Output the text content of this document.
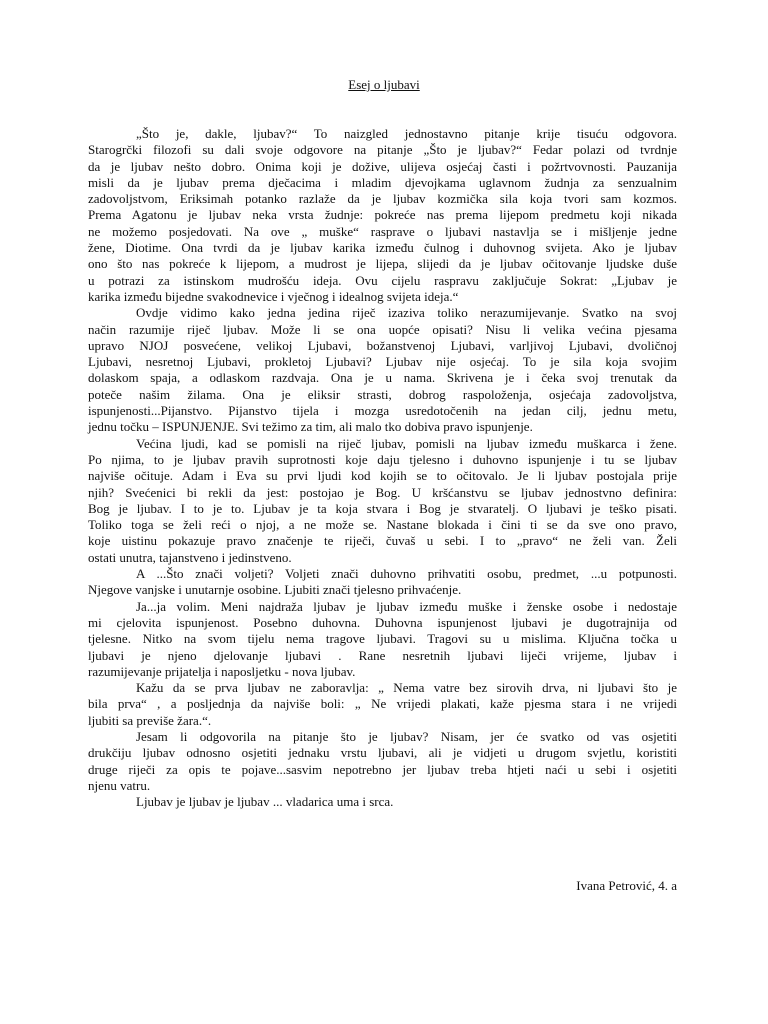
Esej o ljubavi
„Što je, dakle, ljubav?“ To naizgled jednostavno pitanje krije tisuću odgovora.
Starogrčki filozofi su dali svoje odgovore na pitanje „Što je ljubav?“ Fedar polazi od tvrdnje
da je ljubav nešto dobro. Onima koji je dožive, ulijeva osjećaj časti i požrtvovnosti. Pauzanija
misli da je ljubav prema dječacima i mladim djevojkama uglavnom žudnja za senzualnim
zadovoljstvom, Eriksimah potanko razlaže da je ljubav kozmička sila koja tvori sam kozmos.
Prema Agatonu je ljubav neka vrsta žudnje: pokreće nas prema lijepom predmetu koji nikada
ne možemo posjedovati. Na ove „ muške“ rasprave o ljubavi nastavlja se i mišljenje jedne
žene, Diotime. Ona tvrdi da je ljubav karika između čulnog i duhovnog svijeta. Ako je ljubav
ono što nas pokreće k lijepom, a mudrost je lijepa, slijedi da je ljubav očitovanje ljudske duše
u potrazi za istinskom mudrošću ideja. Ovu cijelu raspravu zaključuje Sokrat: „Ljubav je
karika između bijedne svakodnevice i vječnog i idealnog svijeta ideja.“
Ovdje vidimo kako jedna jedina riječ izaziva toliko nerazumijevanje. Svatko na svoj
način razumije riječ ljubav. Može li se ona uopće opisati? Nisu li velika većina pjesama
upravo NJOJ posvećene, velikoj Ljubavi, božanstvenoj Ljubavi, varljivoj Ljubavi, dvoličnoj
Ljubavi, nesretnoj Ljubavi, prokletoj Ljubavi? Ljubav nije osjećaj. To je sila koja svojim
dolaskom spaja, a odlaskom razdvaja. Ona je u nama. Skrivena je i čeka svoj trenutak da
poteče našim žilama. Ona je eliksir strasti, dobrog raspoloženja, osjećaja zadovoljstva,
ispunjenosti...Pijanstvo. Pijanstvo tijela i mozga usredotočenih na jedan cilj, jednu metu,
jednu točku – ISPUNJENJE. Svi težimo za tim, ali malo tko dobiva pravo ispunjenje.
Većina ljudi, kad se pomisli na riječ ljubav, pomisli na ljubav između muškarca i žene.
Po njima, to je ljubav pravih suprotnosti koje daju tjelesno i duhovno ispunjenje i tu se ljubav
najviše očituje. Adam i Eva su prvi ljudi kod kojih se to očitovalo. Je li ljubav postojala prije
njih? Svećenici bi rekli da jest: postojao je Bog. U kršćanstvu se ljubav jednostvno definira:
Bog je ljubav. I to je to. Ljubav je ta koja stvara i Bog je stvaratelj. O ljubavi je teško pisati.
Toliko toga se želi reći o njoj, a ne može se. Nastane blokada i čini ti se da sve ono pravo,
koje uistinu pokazuje pravo značenje te riječi, čuvaš u sebi. I to „pravo“ ne želi van. Želi
ostati unutra, tajanstveno i jedinstveno.
A ...Što znači voljeti? Voljeti znači duhovno prihvatiti osobu, predmet, ...u potpunosti.
Njegove vanjske i unutarnje osobine. Ljubiti znači tjelesno prihvaćenje.
Ja...ja volim. Meni najdraža ljubav je ljubav između muške i ženske osobe i nedostaje
mi cjelovita ispunjenost. Posebno duhovna. Duhovna ispunjenost ljubavi je dugotrajnija od
tjelesne. Nitko na svom tijelu nema tragove ljubavi. Tragovi su u mislima. Ključna točka u
ljubavi je njeno djelovanje ljubavi . Rane nesretnih ljubavi liječi vrijeme, ljubav i
razumijevanje prijatelja i naposljetku - nova ljubav.
Kažu da se prva ljubav ne zaboravlja: „ Nema vatre bez sirovih drva, ni ljubavi što je
bila prva“ , a posljednja da najviše boli: „ Ne vrijedi plakati, kaže pjesma stara i ne vrijedi
ljubiti sa previše žara.“.
Jesam li odgovorila na pitanje što je ljubav? Nisam, jer će svatko od vas osjetiti
drukčiju ljubav odnosno osjetiti jednaku vrstu ljubavi, ali je vidjeti u drugom svjetlu, koristiti
druge riječi za opis te pojave...sasvim nepotrebno jer ljubav treba htjeti naći u sebi i osjetiti
njenu vatru.
Ljubav je ljubav je ljubav ... vladarica uma i srca.
Ivana Petrović, 4. a
